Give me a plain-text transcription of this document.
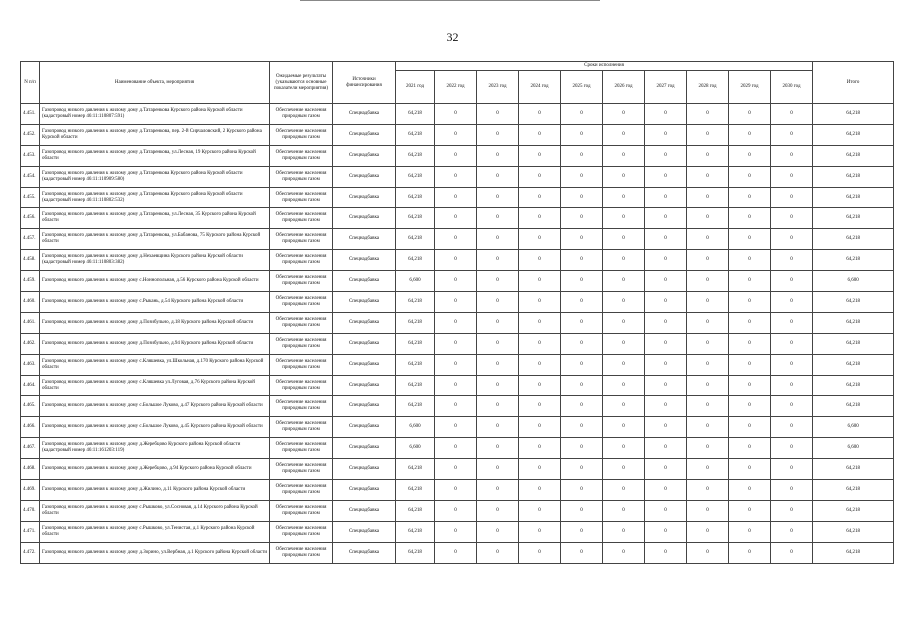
32
N п/п	Наименование объекта, мероприятия	Ожидаемые результаты (указываются основные показатели мероприятия)	Источники финансирования	Сроки исполнения										Итого
				2021 год	2022 год	2023 год	2024 год	2025 год	2026 год	2027 год	2028 год	2029 год	2030 год	
4.451.	Газопровод низкого давления к жилому дому д.Татаренкова Курского района Курской области (кадастровый номер 46:11:110807:591)	Обеспечение населения природным газом	Спецнадбавка	64,218	0	0	0	0	0	0	0	0	0	64,218
4.452.	Газопровод низкого давления к жилому дому д.Татаренкова, пер. 2-й Сирчаловский, 2 Курского района Курской области	Обеспечение населения природным газом	Спецнадбавка	64,218	0	0	0	0	0	0	0	0	0	64,218
4.453.	Газопровод низкого давления к жилому дому д.Татаренкова, ул.Лесная, 19 Курского района Курской области	Обеспечение населения природным газом	Спецнадбавка	64,218	0	0	0	0	0	0	0	0	0	64,218
4.454.	Газопровод низкого давления к жилому дому д.Татаренкова Курского района Курской области (кадастровый номер 46:11:110909:580)	Обеспечение населения природным газом	Спецнадбавка	64,218	0	0	0	0	0	0	0	0	0	64,218
4.455.	Газопровод низкого давления к жилому дому д.Татаренкова Курского района Курской области (кадастровый номер 46:11:110802:532)	Обеспечение населения природным газом	Спецнадбавка	64,218	0	0	0	0	0	0	0	0	0	64,218
4.456.	Газопровод низкого давления к жилому дому д.Татаренкова, ул.Лесная, 35 Курского района Курской области	Обеспечение населения природным газом	Спецнадбавка	64,218	0	0	0	0	0	0	0	0	0	64,218
4.457.	Газопровод низкого давления к жилому дому д.Татаренкова, ул.Бабанова, 75 Курского района Курской области	Обеспечение населения природным газом	Спецнадбавка	64,218	0	0	0	0	0	0	0	0	0	64,218
4.458.	Газопровод низкого давления к жилому дому д.Нехаевщина Курского района Курской области (кадастровый номер 46:11:110803:382)	Обеспечение населения природным газом	Спецнадбавка	64,218	0	0	0	0	0	0	0	0	0	64,218
4.459.	Газопровод низкого давления к жилому дому с.Ноннопольная, д.56 Курского района Курской области	Обеспечение населения природным газом	Спецнадбавка	6,600	0	0	0	0	0	0	0	0	0	6,600
4.460.	Газопровод низкого давления к жилому дому с.Рыкань, д.54 Курского района Курской области	Обеспечение населения природным газом	Спецнадбавка	64,218	0	0	0	0	0	0	0	0	0	64,218
4.461.	Газопровод низкого давления к жилому дому д.Позибульно, д.18 Курского района Курской области	Обеспечение населения природным газом	Спецнадбавка	64,218	0	0	0	0	0	0	0	0	0	64,218
4.462.	Газопровод низкого давления к жилому дому д.Позибульно, д.94 Курского района Курской области	Обеспечение населения природным газом	Спецнадбавка	64,218	0	0	0	0	0	0	0	0	0	64,218
4.463.	Газопровод низкого давления к жилому дому с.Кляшевка, ул.Школьная, д.170 Курского района Курской области	Обеспечение населения природным газом	Спецнадбавка	64,218	0	0	0	0	0	0	0	0	0	64,218
4.464.	Газопровод низкого давления к жилому дому с.Кляшевка ул.Луговая, д.76 Курского района Курской области	Обеспечение населения природным газом	Спецнадбавка	64,218	0	0	0	0	0	0	0	0	0	64,218
4.465.	Газопровод низкого давления к жилому дому с.Большое Луково, д.47 Курского района Курской области	Обеспечение населения природным газом	Спецнадбавка	64,218	0	0	0	0	0	0	0	0	0	64,218
4.466.	Газопровод низкого давления к жилому дому с.Большое Луково, д.45 Курского района Курской области	Обеспечение населения природным газом	Спецнадбавка	6,600	0	0	0	0	0	0	0	0	0	6,600
4.467.	Газопровод низкого давления к жилому дому д.Жеребцово Курского района Курской области (кадастровый номер 46:11:161203:119)	Обеспечение населения природным газом	Спецнадбавка	6,600	0	0	0	0	0	0	0	0	0	6,600
4.468.	Газопровод низкого давления к жилому дому д.Жеребцово, д.94 Курского района Курской области	Обеспечение населения природным газом	Спецнадбавка	64,218	0	0	0	0	0	0	0	0	0	64,218
4.469.	Газопровод низкого давления к жилому дому д.Жилино, д.11 Курского района Курской области	Обеспечение населения природным газом	Спецнадбавка	64,218	0	0	0	0	0	0	0	0	0	64,218
4.470.	Газопровод низкого давления к жилому дому с.Рышково, ул.Сосновая, д.14 Курского района Курской области	Обеспечение населения природным газом	Спецнадбавка	64,218	0	0	0	0	0	0	0	0	0	64,218
4.471.	Газопровод низкого давления к жилому дому с.Рышково, ул.Тенистая, д.1 Курского района Курской области	Обеспечение населения природным газом	Спецнадбавка	64,218	0	0	0	0	0	0	0	0	0	64,218
4.472.	Газопровод низкого давления к жилому дому д.Зорино, ул.Вербная, д.1 Курского района Курской области	Обеспечение населения природным газом	Спецнадбавка	64,218	0	0	0	0	0	0	0	0	0	64,218
